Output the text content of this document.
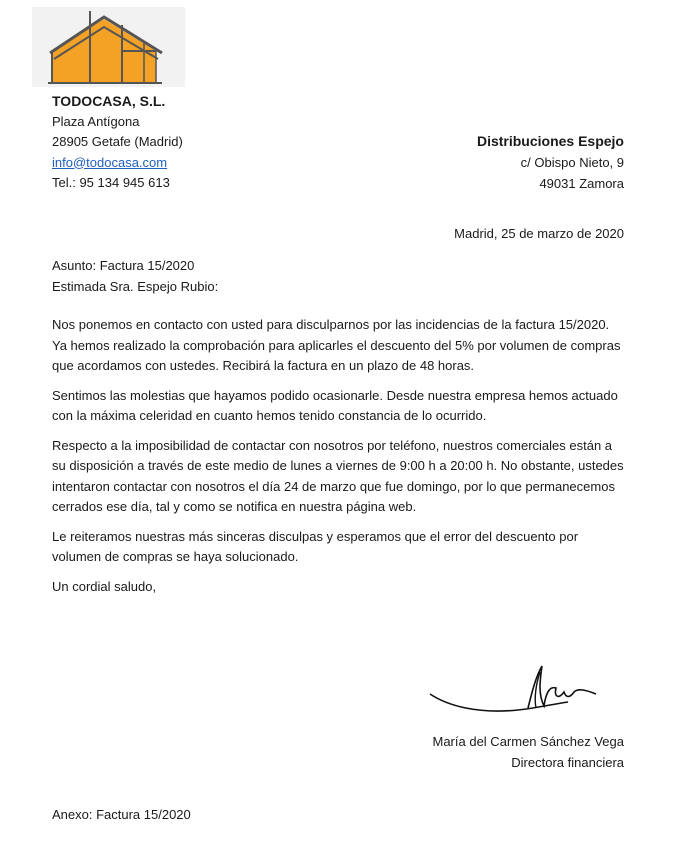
TODOCASA, S.L.
Plaza Antígona
28905 Getafe (Madrid)
info@todocasa.com
Tel.: 95 134 945 613
Distribuciones Espejo
c/ Obispo Nieto, 9
49031 Zamora
Madrid, 25 de marzo de 2020
Asunto: Factura 15/2020
Estimada Sra. Espejo Rubio:

Nos ponemos en contacto con usted para disculparnos por las incidencias de la factura 15/2020. Ya hemos realizado la comprobación para aplicarles el descuento del 5% por volumen de compras que acordamos con ustedes. Recibirá la factura en un plazo de 48 horas.

Sentimos las molestias que hayamos podido ocasionarle. Desde nuestra empresa hemos actuado con la máxima celeridad en cuanto hemos tenido constancia de lo ocurrido.

Respecto a la imposibilidad de contactar con nosotros por teléfono, nuestros comerciales están a su disposición a través de este medio de lunes a viernes de 9:00 h a 20:00 h. No obstante, ustedes intentaron contactar con nosotros el día 24 de marzo que fue domingo, por lo que permanecemos cerrados ese día, tal y como se notifica en nuestra página web.

Le reiteramos nuestras más sinceras disculpas y esperamos que el error del descuento por volumen de compras se haya solucionado.

Un cordial saludo,

María del Carmen Sánchez Vega
Directora financiera
Anexo: Factura 15/2020
